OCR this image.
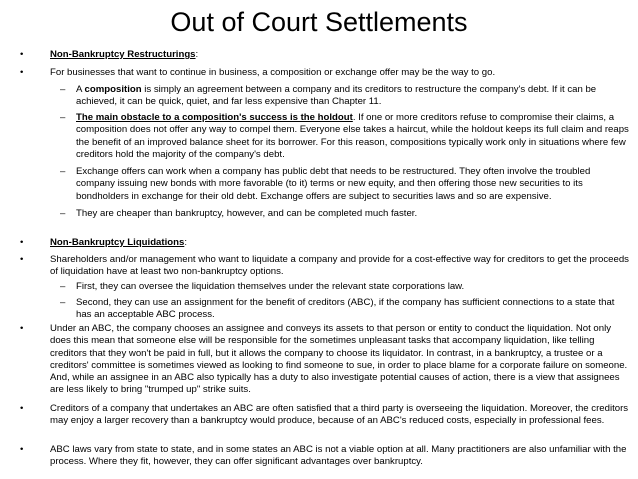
Out of Court Settlements
•	Non-Bankruptcy Restructurings:
•	For businesses that want to continue in business, a composition or exchange offer may be the way to go.
– A composition is simply an agreement between a company and its creditors to restructure the company's debt. If it can be achieved, it can be quick, quiet, and far less expensive than Chapter 11.
– The main obstacle to a composition's success is the holdout. If one or more creditors refuse to compromise their claims, a composition does not offer any way to compel them. Everyone else takes a haircut, while the holdout keeps its full claim and reaps the benefit of an improved balance sheet for its borrower. For this reason, compositions typically work only in situations where few creditors hold the majority of the company's debt.
– Exchange offers can work when a company has public debt that needs to be restructured. They often involve the troubled company issuing new bonds with more favorable (to it) terms or new equity, and then offering those new securities to its bondholders in exchange for their old debt. Exchange offers are subject to securities laws and so are expensive.
– They are cheaper than bankruptcy, however, and can be completed much faster.
•	Non-Bankruptcy Liquidations:
•	Shareholders and/or management who want to liquidate a company and provide for a cost-effective way for creditors to get the proceeds of liquidation have at least two non-bankruptcy options.
– First, they can oversee the liquidation themselves under the relevant state corporations law.
– Second, they can use an assignment for the benefit of creditors (ABC), if the company has sufficient connections to a state that has an acceptable ABC process.
•	Under an ABC, the company chooses an assignee and conveys its assets to that person or entity to conduct the liquidation. Not only does this mean that someone else will be responsible for the sometimes unpleasant tasks that accompany liquidation, like telling creditors that they won't be paid in full, but it allows the company to choose its liquidator. In contrast, in a bankruptcy, a trustee or a creditors' committee is sometimes viewed as looking to find someone to sue, in order to place blame for a corporate failure on someone. And, while an assignee in an ABC also typically has a duty to also investigate potential causes of action, there is a view that assignees are less likely to bring "trumped up" strike suits.
•	Creditors of a company that undertakes an ABC are often satisfied that a third party is overseeing the liquidation. Moreover, the creditors may enjoy a larger recovery than a bankruptcy would produce, because of an ABC's reduced costs, especially in professional fees.
•	ABC laws vary from state to state, and in some states an ABC is not a viable option at all. Many practitioners are also unfamiliar with the process. Where they fit, however, they can offer significant advantages over bankruptcy.
